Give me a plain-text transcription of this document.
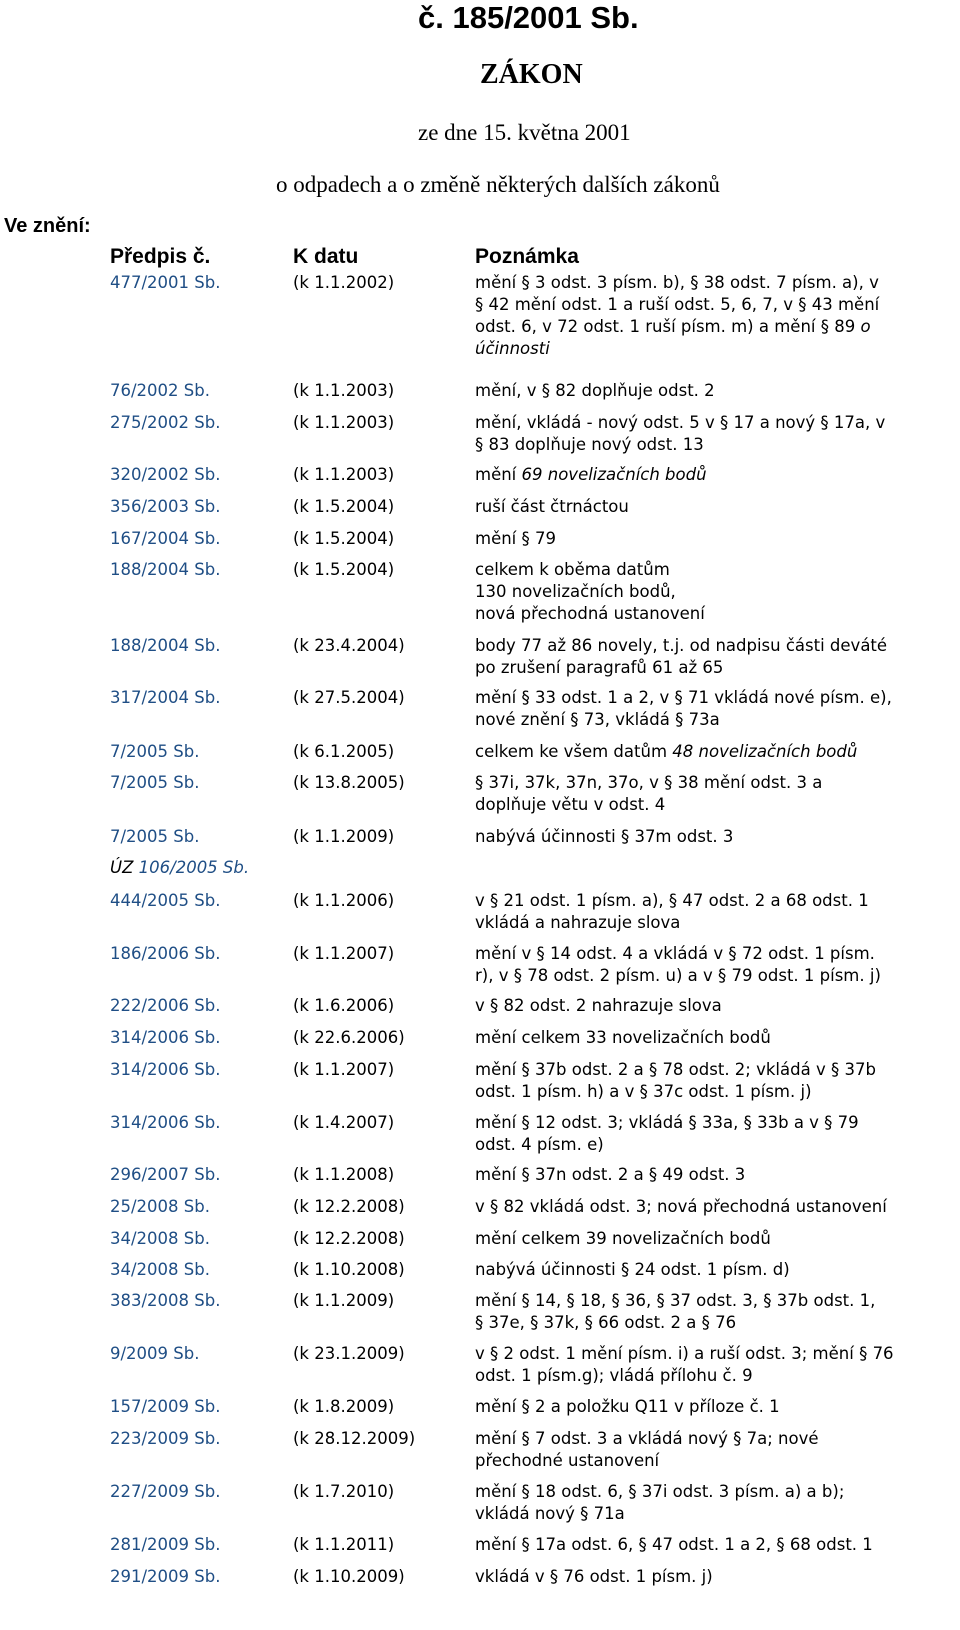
č. 185/2001 Sb.
ZÁKON
ze dne 15. května 2001
o odpadech a o změně některých dalších zákonů
Ve znění:
Předpis č.	K datu	Poznámka
477/2001 Sb.	(k 1.1.2002)	mění § 3 odst. 3 písm. b), § 38 odst. 7 písm. a), v
§ 42 mění odst. 1 a ruší odst. 5, 6, 7, v § 43 mění
odst. 6, v 72 odst. 1 ruší písm. m) a mění § 89 o
účinnosti
76/2002 Sb.	(k 1.1.2003)	mění, v § 82 doplňuje odst. 2
275/2002 Sb.	(k 1.1.2003)	mění, vkládá - nový odst. 5 v § 17 a nový § 17a, v
§ 83 doplňuje nový odst. 13
320/2002 Sb.	(k 1.1.2003)	mění 69 novelizačních bodů
356/2003 Sb.	(k 1.5.2004)	ruší část čtrnáctou
167/2004 Sb.	(k 1.5.2004)	mění § 79
188/2004 Sb.	(k 1.5.2004)	celkem k oběma datům
130 novelizačních bodů,
nová přechodná ustanovení
188/2004 Sb.	(k 23.4.2004)	body 77 až 86 novely, t.j. od nadpisu části deváté
po zrušení paragrafů 61 až 65
317/2004 Sb.	(k 27.5.2004)	mění § 33 odst. 1 a 2, v § 71 vkládá nové písm. e),
nové znění § 73, vkládá § 73a
7/2005 Sb.	(k 6.1.2005)	celkem ke všem datům 48 novelizačních bodů
7/2005 Sb.	(k 13.8.2005)	§ 37i, 37k, 37n, 37o, v § 38 mění odst. 3 a
doplňuje větu v odst. 4
7/2005 Sb.	(k 1.1.2009)	nabývá účinnosti § 37m odst. 3
ÚZ 106/2005 Sb.
444/2005 Sb.	(k 1.1.2006)	v § 21 odst. 1 písm. a), § 47 odst. 2 a 68 odst. 1
vkládá a nahrazuje slova
186/2006 Sb.	(k 1.1.2007)	mění v § 14 odst. 4 a vkládá v § 72 odst. 1 písm.
r), v § 78 odst. 2 písm. u) a v § 79 odst. 1 písm. j)
222/2006 Sb.	(k 1.6.2006)	v § 82 odst. 2 nahrazuje slova
314/2006 Sb.	(k 22.6.2006)	mění celkem 33 novelizačních bodů
314/2006 Sb.	(k 1.1.2007)	mění § 37b odst. 2 a § 78 odst. 2; vkládá v § 37b
odst. 1 písm. h) a v § 37c odst. 1 písm. j)
314/2006 Sb.	(k 1.4.2007)	mění § 12 odst. 3; vkládá § 33a, § 33b a v § 79
odst. 4 písm. e)
296/2007 Sb.	(k 1.1.2008)	mění § 37n odst. 2 a § 49 odst. 3
25/2008 Sb.	(k 12.2.2008)	v § 82 vkládá odst. 3; nová přechodná ustanovení
34/2008 Sb.	(k 12.2.2008)	mění celkem 39 novelizačních bodů
34/2008 Sb.	(k 1.10.2008)	nabývá účinnosti § 24 odst. 1 písm. d)
383/2008 Sb.	(k 1.1.2009)	mění § 14, § 18, § 36, § 37 odst. 3, § 37b odst. 1,
§ 37e, § 37k, § 66 odst. 2 a § 76
9/2009 Sb.	(k 23.1.2009)	v § 2 odst. 1 mění písm. i) a ruší odst. 3; mění § 76
odst. 1 písm.g); vládá přílohu č. 9
157/2009 Sb.	(k 1.8.2009)	mění § 2 a položku Q11 v příloze č. 1
223/2009 Sb.	(k 28.12.2009)	mění § 7 odst. 3 a vkládá nový § 7a; nové
přechodné ustanovení
227/2009 Sb.	(k 1.7.2010)	mění § 18 odst. 6, § 37i odst. 3 písm. a) a b);
vkládá nový § 71a
281/2009 Sb.	(k 1.1.2011)	mění § 17a odst. 6, § 47 odst. 1 a 2, § 68 odst. 1
291/2009 Sb.	(k 1.10.2009)	vkládá v § 76 odst. 1 písm. j)
